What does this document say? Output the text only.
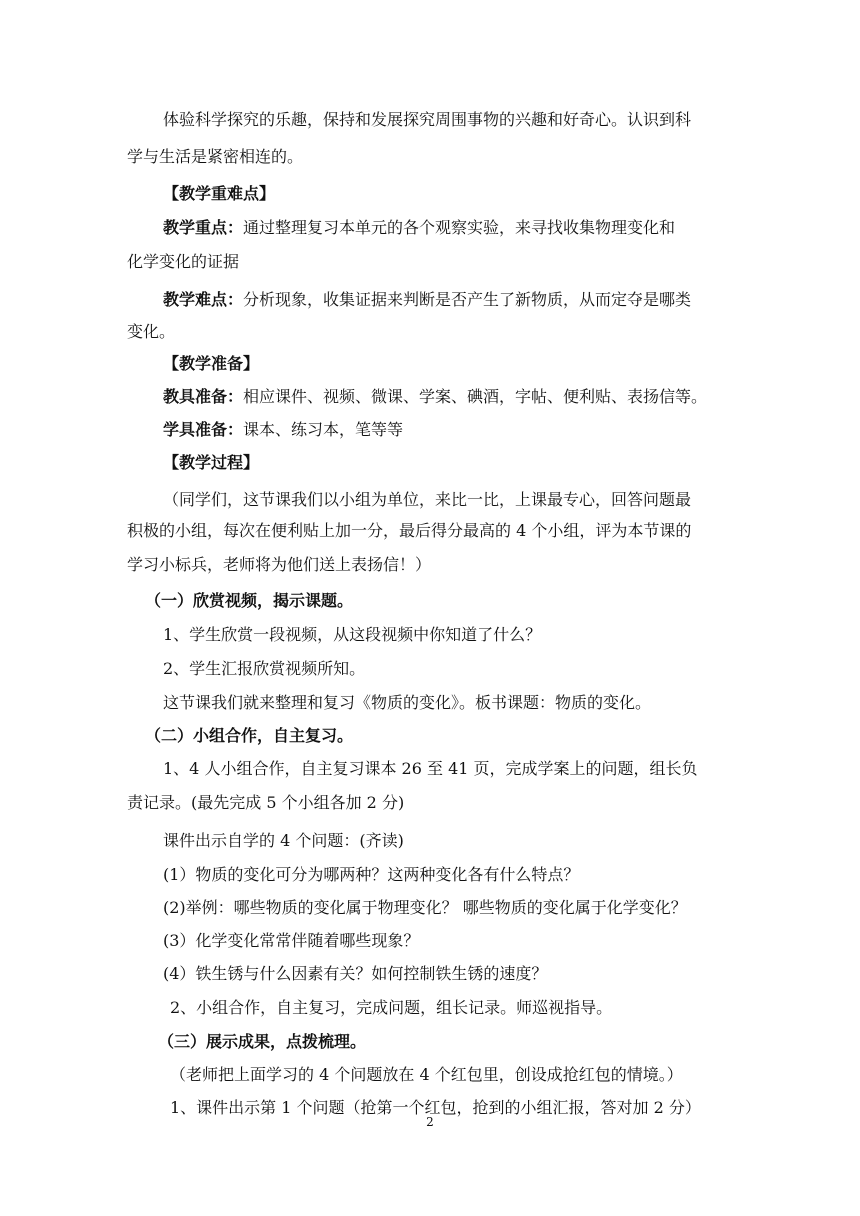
体验科学探究的乐趣，保持和发展探究周围事物的兴趣和好奇心。认识到科
学与生活是紧密相连的。
【教学重难点】
教学重点：通过整理复习本单元的各个观察实验，来寻找收集物理变化和
化学变化的证据
教学难点：分析现象，收集证据来判断是否产生了新物质，从而定夺是哪类
变化。
【教学准备】
教具准备：相应课件、视频、微课、学案、碘酒，字帖、便利贴、表扬信等。
学具准备：课本、练习本，笔等等
【教学过程】
（同学们，这节课我们以小组为单位，来比一比，上课最专心，回答问题最
积极的小组，每次在便利贴上加一分，最后得分最高的 4 个小组，评为本节课的
学习小标兵，老师将为他们送上表扬信！）
（一）欣赏视频，揭示课题。
1、学生欣赏一段视频，从这段视频中你知道了什么？
2、学生汇报欣赏视频所知。
这节课我们就来整理和复习《物质的变化》。板书课题：物质的变化。
（二）小组合作，自主复习。
1、4 人小组合作，自主复习课本 26 至 41 页，完成学案上的问题，组长负
责记录。(最先完成 5 个小组各加 2 分)
课件出示自学的 4 个问题：(齐读)
(1）物质的变化可分为哪两种？这两种变化各有什么特点？
(2)举例：哪些物质的变化属于物理变化？ 哪些物质的变化属于化学变化？
(3）化学变化常常伴随着哪些现象？
(4）铁生锈与什么因素有关？如何控制铁生锈的速度？
2、小组合作，自主复习，完成问题，组长记录。师巡视指导。
（三）展示成果，点拨梳理。
（老师把上面学习的 4 个问题放在 4 个红包里，创设成抢红包的情境。）
1、课件出示第 1 个问题（抢第一个红包，抢到的小组汇报，答对加 2 分）
2
